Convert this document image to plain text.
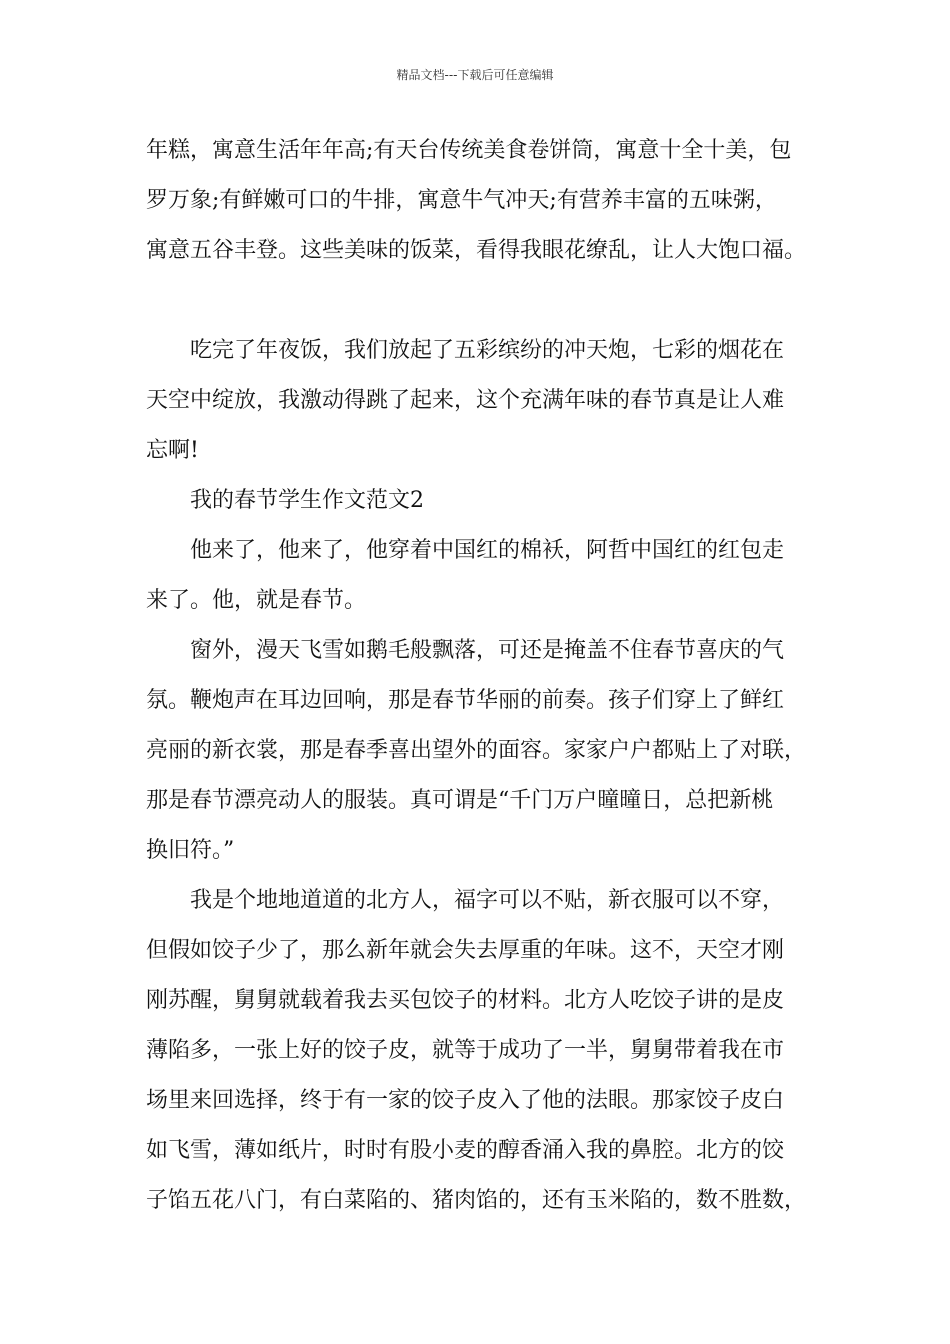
精品文档---下载后可任意编辑
年糕，寓意生活年年高;有天台传统美食卷饼筒，寓意十全十美，包
罗万象;有鲜嫩可口的牛排，寓意牛气冲天;有营养丰富的五味粥，
寓意五谷丰登。这些美味的饭菜，看得我眼花缭乱，让人大饱口福。
吃完了年夜饭，我们放起了五彩缤纷的冲天炮，七彩的烟花在
天空中绽放，我激动得跳了起来，这个充满年味的春节真是让人难
忘啊!
我的春节学生作文范文2
他来了，他来了，他穿着中国红的棉袄，阿哲中国红的红包走
来了。他，就是春节。
窗外，漫天飞雪如鹅毛般飘落，可还是掩盖不住春节喜庆的气
氛。鞭炮声在耳边回响，那是春节华丽的前奏。孩子们穿上了鲜红
亮丽的新衣裳，那是春季喜出望外的面容。家家户户都贴上了对联，
那是春节漂亮动人的服装。真可谓是“千门万户曈曈日，总把新桃
换旧符。”
我是个地地道道的北方人，福字可以不贴，新衣服可以不穿，
但假如饺子少了，那么新年就会失去厚重的年味。这不，天空才刚
刚苏醒，舅舅就载着我去买包饺子的材料。北方人吃饺子讲的是皮
薄陷多，一张上好的饺子皮，就等于成功了一半，舅舅带着我在市
场里来回选择，终于有一家的饺子皮入了他的法眼。那家饺子皮白
如飞雪，薄如纸片，时时有股小麦的醇香涌入我的鼻腔。北方的饺
子馅五花八门，有白菜陷的、猪肉馅的，还有玉米陷的，数不胜数，
